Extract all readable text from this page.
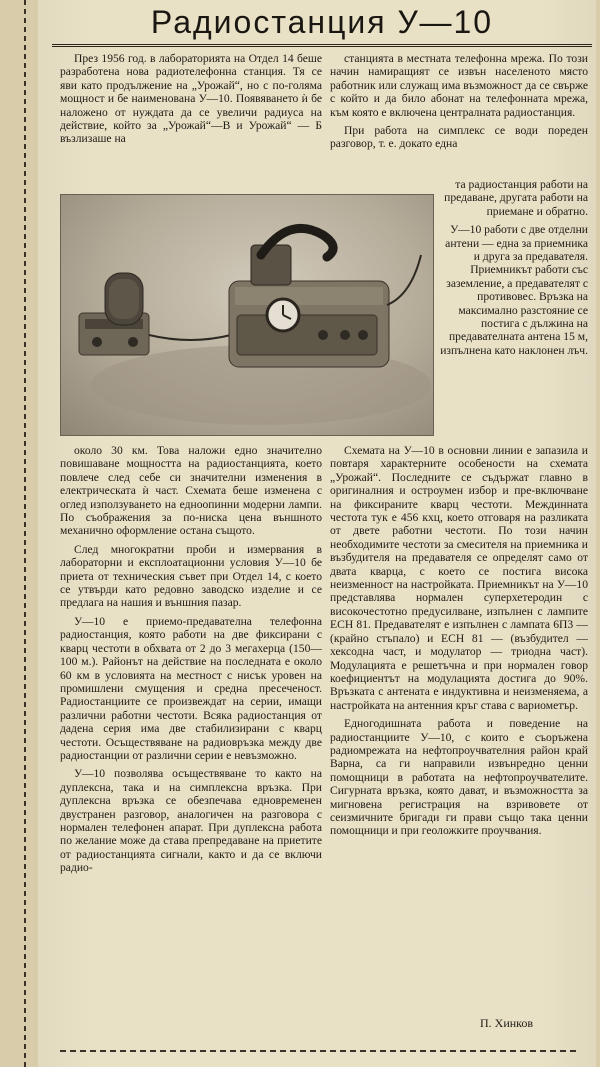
Радиостанция У—10

През 1956 год. в лабораторията на Отдел 14 беше разработена нова радиотелефонна станция. Тя се яви като продължение на „Урожай“, но с по-голяма мощност и бе наименована У—10. Появяването ѝ бе наложено от нуждата да се увеличи радиуса на действие, който за „Урожай“—В и Урожай“ — Б възлизаше на

станцията в местната телефонна мрежа. По този начин намиращият се извън населеното място работник или служащ има възможност да се свърже с който и да било абонат на телефонната мрежа, към която е включена централната радиостанция.

При работа на симплекс се води поредeн разговор, т. е. докато една

та радиостанция работи на предаване, другата работи на приемане и обратно.

У—10 работи с две отделни антени — една за приемника и друга за предавателя. Приемникът работи със заземление, а предавателят с противовес. Връзка на максимално разстояние се постига с дължина на предавателната антена 15 м, изпълнена като наклонен лъч.

около 30 км. Това наложи едно значително повишаване мощността на радиостанцията, което повлече след себе си значителни изменения в електрическата ѝ част. Схемата беше изменена с оглед използуването на едноопинни модерни лампи. По съображения за по-ниска цена външното механично оформление остана същото.

След многократни проби и измервания в лабораторни и експлоатационни условия У—10 бе приета от техническия съвет при Отдел 14, с което се утвърди като редовно заводско изделие и се предлага на нашия и външния пазар.

У—10 е приемо-предавателна телефонна радиостанция, която работи на две фиксирани с кварц честоти в обхвата от 2 до 3 мегахерца (150—100 м.). Районът на действие на последната е около 60 км в условията на местност с нисък уровен на промишлени смущения и средна пресеченост. Радиостанциите се произвеждат на серии, имащи различни работни честоти. Всяка радиостанция от дадена серия има две стабилизирани с кварц честоти. Осъществяване на радиовръзка между две радиостанции от различни серии е невъзможно.

У—10 позволява осъществяване то както на дуплексна, така и на симплексна връзка. При дуплексна връзка се обезпечава едновременен двустранен разговор, аналогичен на разговора с нормален телефонен апарат. При дуплексна работа по желание може да става препредаване на приетите от радиостанцията сигнали, както и да се включи радио-

Схемата на У—10 в основни линии е запазила и повтаря характерните особености на схемата „Урожай“. Последните се съдържат главно в оригиналния и остроумен избор и пре-включване на фиксираните кварц честоти. Междинната честота тук е 456 кхц, което отговаря на разликата от двете работни честоти. По този начин необходимите честоти за смесителя на приемника и възбудителя на предавателя се определят само от двата кварца, с което се постига висока неизменност на настройката. Приемникът на У—10 представлява нормален суперхетеродин с високочестотно предусилване, изпълнен с лампите ЕСН 81. Предавателят е изпълнен с лампата 6П3 — (крайно стъпало) и ЕСН 81 — (възбудител — хексодна част, и модулатор — триодна част). Модулацията е решетъчна и при нормален говор коефициентът на модулацията достига до 90%. Връзката с антената е индуктивна и неизменяема, а настройката на антенния кръг става с вариометър.

Едногодишната работа и поведение на радиостанциите У—10, с които е съоръжена радиомрежата на нефтопроучвателния район край Варна, са ги направили извънредно ценни помощници в работата на нефтопроучвателите. Сигурната връзка, която дават, и възможността за мигновена регистрация на взривовете от сеизмичните бригади ги прави също така ценни помощници и при геоложките проучвания.

П. Хинков
